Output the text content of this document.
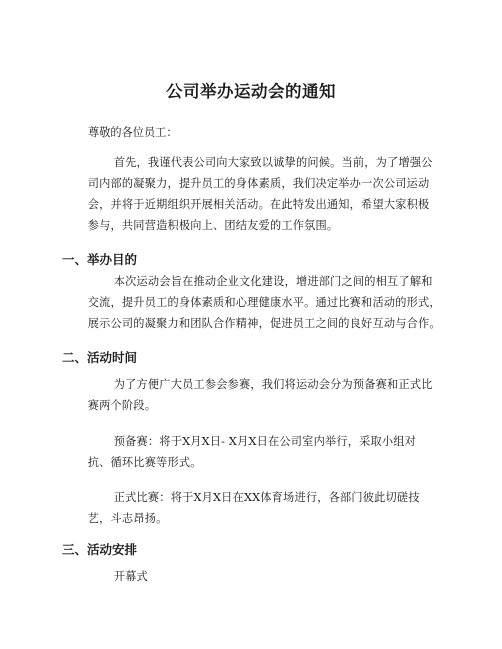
公司举办运动会的通知

尊敬的各位员工：

首先，我谨代表公司向大家致以诚挚的问候。当前，为了增强公
司内部的凝聚力，提升员工的身体素质，我们决定举办一次公司运动
会，并将于近期组织开展相关活动。在此特发出通知，希望大家积极
参与，共同营造积极向上、团结友爱的工作氛围。
一、举办目的
本次运动会旨在推动企业文化建设，增进部门之间的相互了解和
交流，提升员工的身体素质和心理健康水平。通过比赛和活动的形式，
展示公司的凝聚力和团队合作精神，促进员工之间的良好互动与合作。
二、活动时间
为了方便广大员工参会参赛，我们将运动会分为预备赛和正式比
赛两个阶段。
预备赛：将于X月X日- X月X日在公司室内举行，采取小组对
抗、循环比赛等形式。
正式比赛：将于X月X日在XX体育场进行，各部门彼此切磋技
艺，斗志昂扬。
三、活动安排
开幕式
